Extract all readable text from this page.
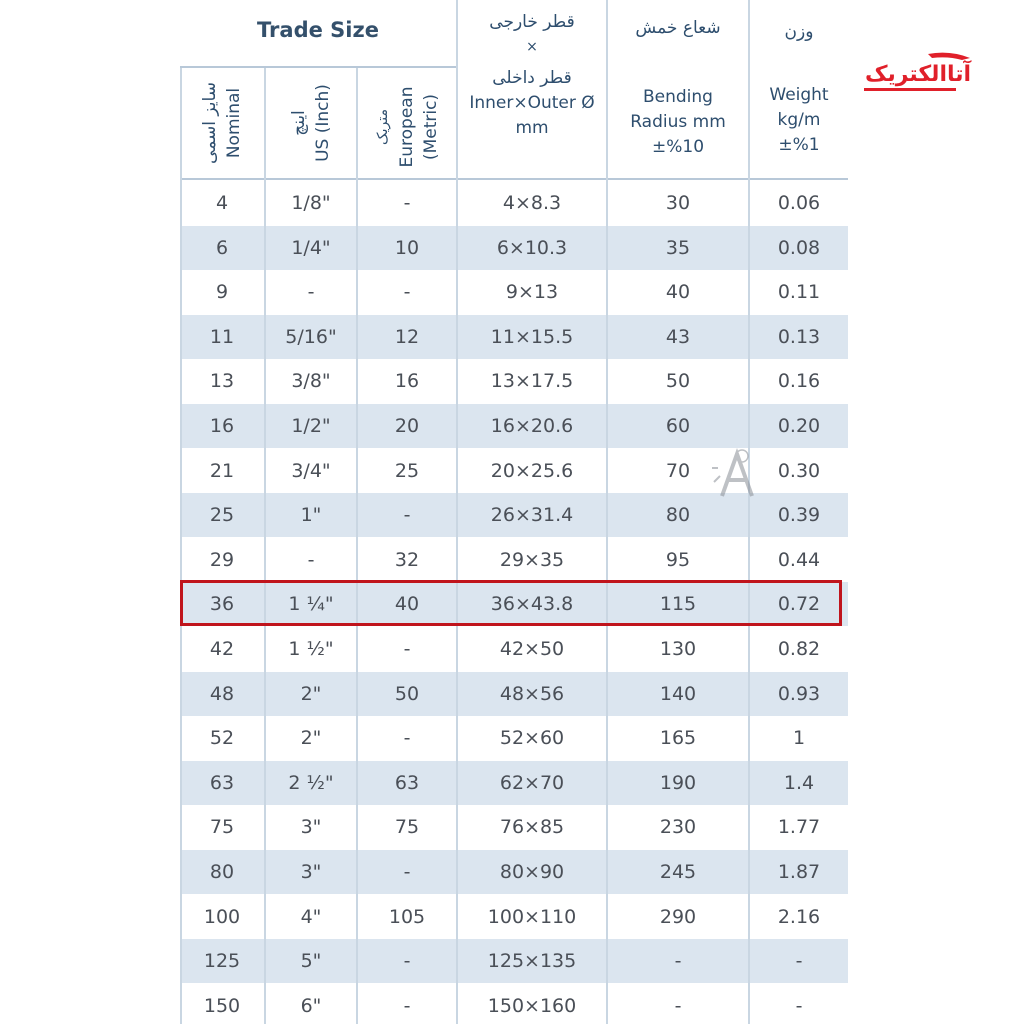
Trade Size
سایز اسمی Nominal	اینچ US (Inch)	متریک European (Metric)
قطر خارجی
×
قطر داخلی
Inner×Outer Ø
mm
شعاع خمش
Bending
Radius mm
±%10
وزن
Weight
kg/m
±%1
4	1/8"	-	4×8.3	30	0.06
6	1/4"	10	6×10.3	35	0.08
9	-	-	9×13	40	0.11
11	5/16"	12	11×15.5	43	0.13
13	3/8"	16	13×17.5	50	0.16
16	1/2"	20	16×20.6	60	0.20
21	3/4"	25	20×25.6	70	0.30
25	1"	-	26×31.4	80	0.39
29	-	32	29×35	95	0.44
36	1 ¼"	40	36×43.8	115	0.72
42	1 ½"	-	42×50	130	0.82
48	2"	50	48×56	140	0.93
52	2"	-	52×60	165	1
63	2 ½"	63	62×70	190	1.4
75	3"	75	76×85	230	1.77
80	3"	-	80×90	245	1.87
100	4"	105	100×110	290	2.16
125	5"	-	125×135	-	-
150	6"	-	150×160	-	-
آتاالکتریک
